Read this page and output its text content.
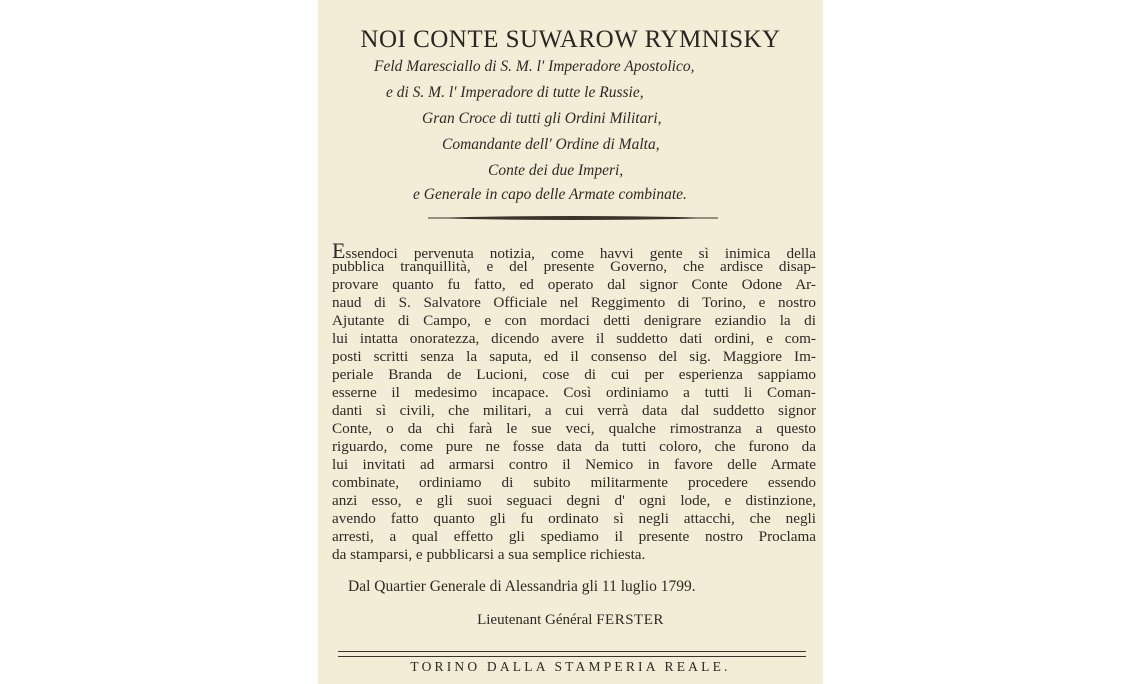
NOI CONTE SUWAROW RYMNISKY
Feld Maresciallo di S. M. l' Imperadore Apostolico,
e di S. M. l' Imperadore di tutte le Russie,
Gran Croce di tutti gli Ordini Militari,
Comandante dell' Ordine di Malta,
Conte dei due Imperi,
e Generale in capo delle Armate combinate.
Essendoci pervenuta notizia, come havvi gente sì inimica della
pubblica tranquillità, e del presente Governo, che ardisce disap-
provare quanto fu fatto, ed operato dal signor Conte Odone Ar-
naud di S. Salvatore Officiale nel Reggimento di Torino, e nostro
Ajutante di Campo, e con mordaci detti denigrare eziandio la di
lui intatta onoratezza, dicendo avere il suddetto dati ordini, e com-
posti scritti senza la saputa, ed il consenso del sig. Maggiore Im-
periale Branda de Lucioni, cose di cui per esperienza sappiamo
esserne il medesimo incapace. Così ordiniamo a tutti li Coman-
danti sì civili, che militari, a cui verrà data dal suddetto signor
Conte, o da chi farà le sue veci, qualche rimostranza a questo
riguardo, come pure ne fosse data da tutti coloro, che furono da
lui invitati ad armarsi contro il Nemico in favore delle Armate
combinate, ordiniamo di subito militarmente procedere essendo
anzi esso, e gli suoi seguaci degni d' ogni lode, e distinzione,
avendo fatto quanto gli fu ordinato sì negli attacchi, che negli
arresti, a qual effetto gli spediamo il presente nostro Proclama
da stamparsi, e pubblicarsi a sua semplice richiesta.
Dal Quartier Generale di Alessandria gli 11 luglio 1799.
Lieutenant Général FERSTER
TORINO DALLA STAMPERIA REALE.
